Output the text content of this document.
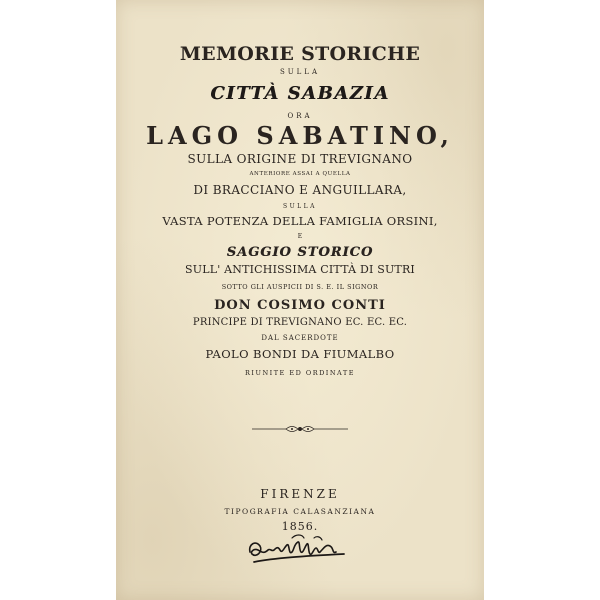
MEMORIE STORICHE
SULLA
CITTÀ SABAZIA
ORA
LAGO SABATINO,
SULLA ORIGINE DI TREVIGNANO
ANTERIORE ASSAI A QUELLA
DI BRACCIANO E ANGUILLARA,
SULLA
VASTA POTENZA DELLA FAMIGLIA ORSINI,
E
SAGGIO STORICO
SULL' ANTICHISSIMA CITTÀ DI SUTRI
SOTTO GLI AUSPICII DI S. E. IL SIGNOR
DON COSIMO CONTI
PRINCIPE DI TREVIGNANO EC. EC. EC.
DAL SACERDOTE
PAOLO BONDI DA FIUMALBO
RIUNITE ED ORDINATE
FIRENZE
TIPOGRAFIA CALASANZIANA
1856.
